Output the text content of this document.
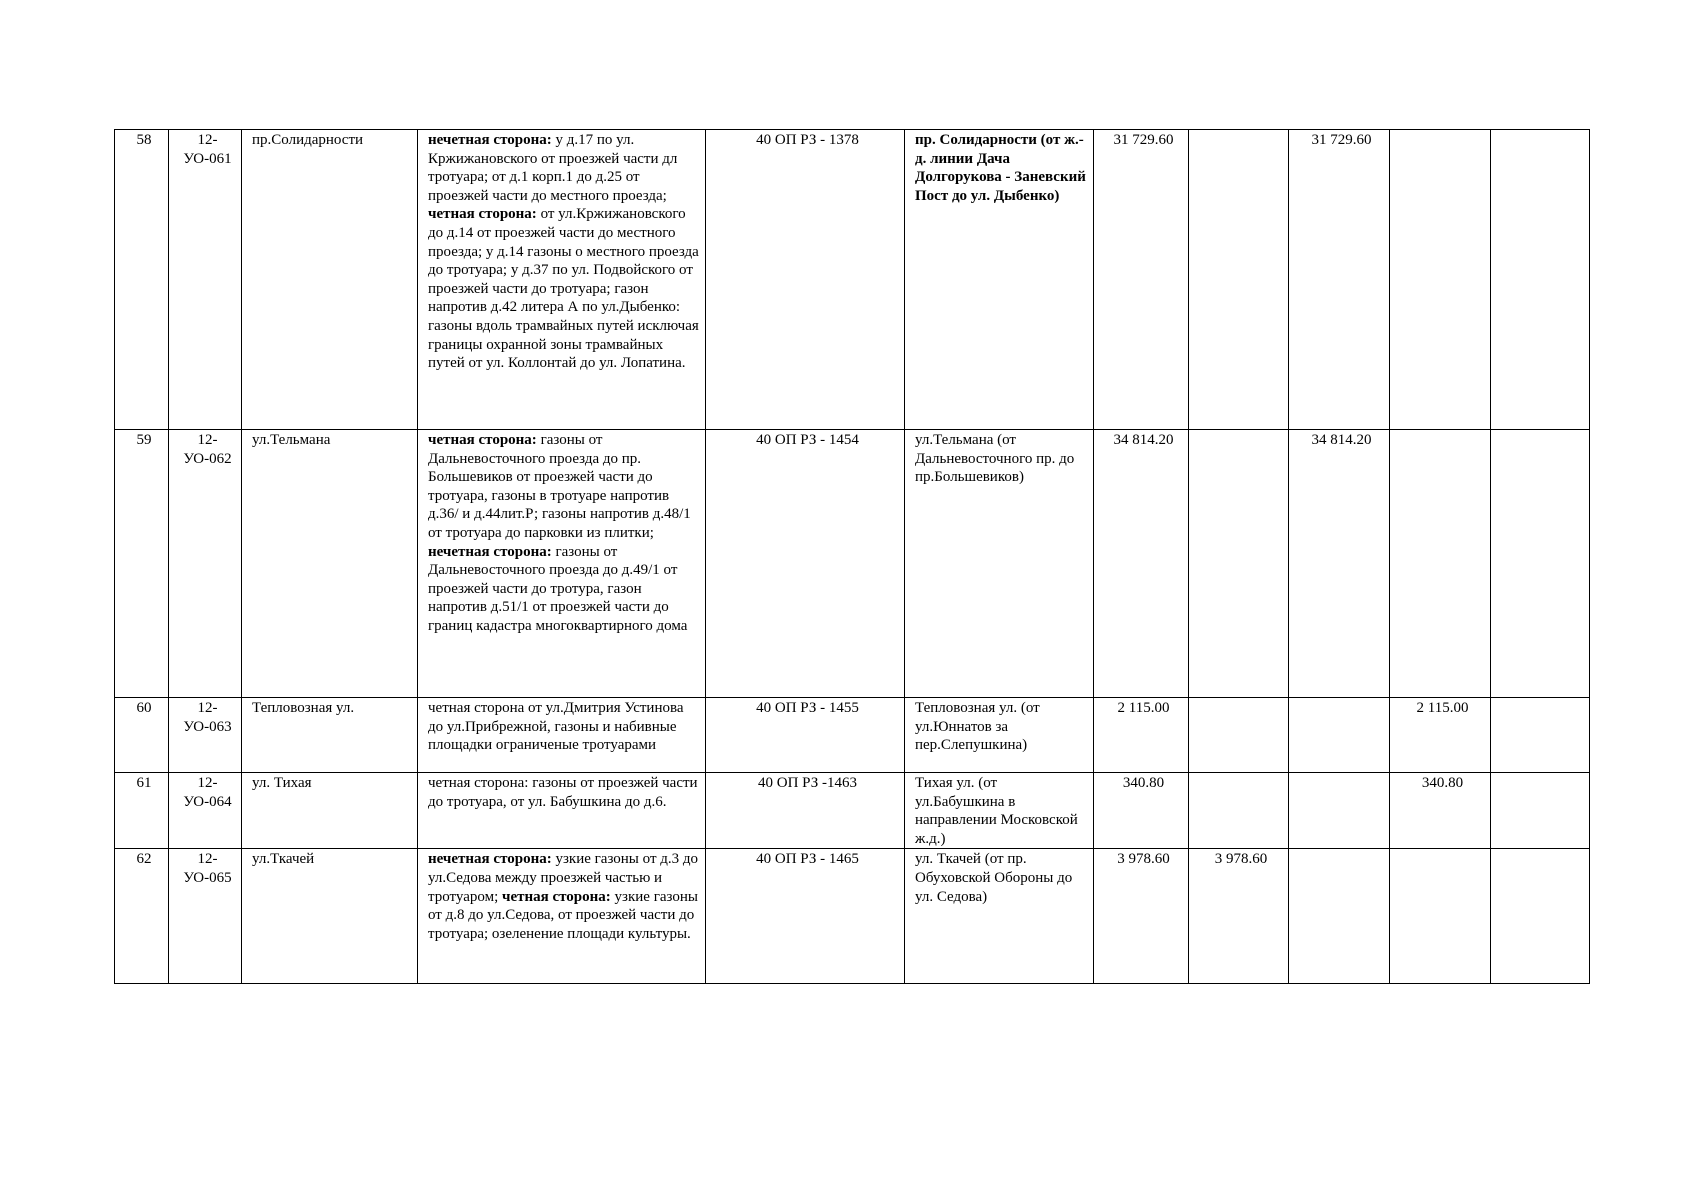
58	12-УО-061	пр.Солидарности	нечетная сторона: у д.17 по ул. Кржижановского от проезжей части дл тротуара; от д.1 корп.1 до д.25 от проезжей части до местного проезда; четная сторона: от ул.Кржижановского до д.14 от проезжей части до местного проезда; у д.14 газоны о местного проезда до тротуара; у д.37 по ул. Подвойского от проезжей части до тротуара; газон напротив д.42 литера А по ул.Дыбенко: газоны вдоль трамвайных путей исключая границы охранной зоны трамвайных путей от ул. Коллонтай до ул. Лопатина.	40 ОП РЗ - 1378	пр. Солидарности (от ж.-д. линии Дача Долгорукова - Заневский Пост до ул. Дыбенко)	31 729.60		31 729.60		
59	12-УО-062	ул.Тельмана	четная сторона: газоны от Дальневосточного проезда до пр. Большевиков от проезжей части до тротуара, газоны в тротуаре напротив д.36/ и д.44лит.Р; газоны напротив д.48/1 от тротуара до парковки из плитки; нечетная сторона: газоны от Дальневосточного проезда до д.49/1 от проезжей части до тротура, газон напротив д.51/1 от проезжей части до границ кадастра многоквартирного дома	40 ОП РЗ - 1454	ул.Тельмана (от Дальневосточного пр. до пр.Большевиков)	34 814.20		34 814.20		
60	12-УО-063	Тепловозная ул.	четная сторона от ул.Дмитрия Устинова до ул.Прибрежной, газоны и набивные площадки ограниченые тротуарами	40 ОП РЗ - 1455	Тепловозная ул. (от ул.Юннатов за пер.Слепушкина)	2 115.00			2 115.00	
61	12-УО-064	ул. Тихая	четная сторона: газоны от проезжей части до тротуара, от ул. Бабушкина до д.6.	40 ОП РЗ -1463	Тихая ул. (от ул.Бабушкина в направлении Московской ж.д.)	340.80			340.80	
62	12-УО-065	ул.Ткачей	нечетная сторона: узкие газоны от д.3 до ул.Седова между проезжей частью и тротуаром; четная сторона: узкие газоны от д.8 до ул.Седова, от проезжей части до тротуара; озеленение площади культуры.	40 ОП РЗ - 1465	ул. Ткачей (от пр. Обуховской Обороны до ул. Седова)	3 978.60	3 978.60			
